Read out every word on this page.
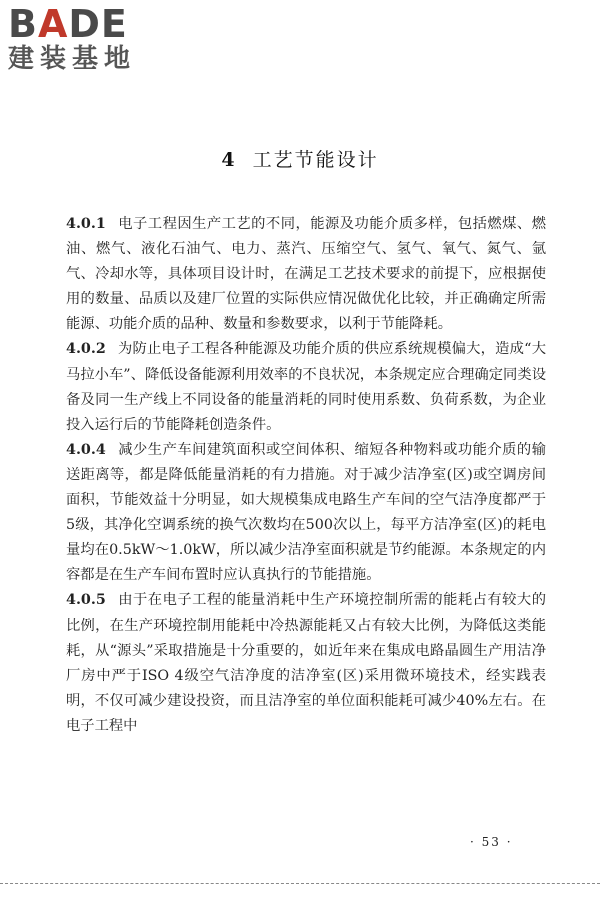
BADE
建装基地
4 工艺节能设计

4.0.1 电子工程因生产工艺的不同，能源及功能介质多样，包括燃煤、燃油、燃气、液化石油气、电力、蒸汽、压缩空气、氢气、氧气、氮气、氩气、冷却水等，具体项目设计时，在满足工艺技术要求的前提下，应根据使用的数量、品质以及建厂位置的实际供应情况做优化比较，并正确确定所需能源、功能介质的品种、数量和参数要求，以利于节能降耗。

4.0.2 为防止电子工程各种能源及功能介质的供应系统规模偏大，造成“大马拉小车”、降低设备能源利用效率的不良状况，本条规定应合理确定同类设备及同一生产线上不同设备的能量消耗的同时使用系数、负荷系数，为企业投入运行后的节能降耗创造条件。

4.0.4 减少生产车间建筑面积或空间体积、缩短各种物料或功能介质的输送距离等，都是降低能量消耗的有力措施。对于减少洁净室(区)或空调房间面积，节能效益十分明显，如大规模集成电路生产车间的空气洁净度都严于5级，其净化空调系统的换气次数均在500次以上，每平方洁净室(区)的耗电量均在0.5kW～1.0kW，所以减少洁净室面积就是节约能源。本条规定的内容都是在生产车间布置时应认真执行的节能措施。

4.0.5 由于在电子工程的能量消耗中生产环境控制所需的能耗占有较大的比例，在生产环境控制用能耗中冷热源能耗又占有较大比例，为降低这类能耗，从“源头”采取措施是十分重要的，如近年来在集成电路晶圆生产用洁净厂房中严于ISO 4级空气洁净度的洁净室(区)采用微环境技术，经实践表明，不仅可减少建设投资，而且洁净室的单位面积能耗可减少40%左右。在电子工程中

· 53 ·
